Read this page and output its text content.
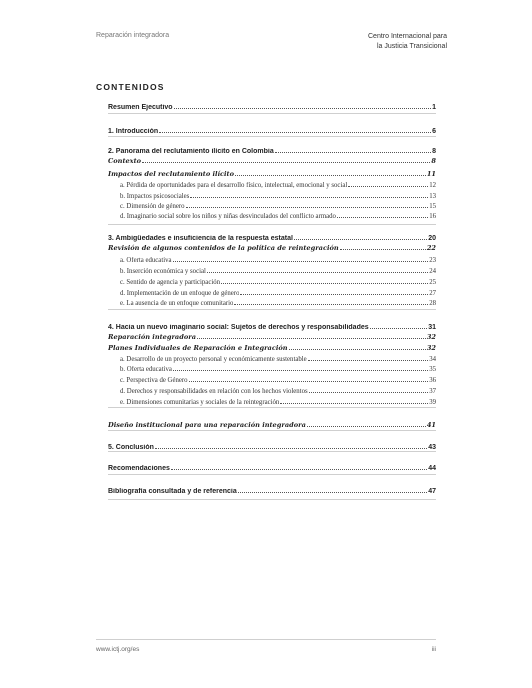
Reparación integradora	Centro Internacional para
la Justicia Transicional
CONTENIDOS
Resumen Ejecutivo	1
1. Introducción	6
2. Panorama del reclutamiento ilícito en Colombia	8
Contexto	8
Impactos del reclutamiento ilícito	11
a. Pérdida de oportunidades para el desarrollo físico, intelectual, emocional y social	12
b. Impactos psicosociales	13
c. Dimensión de género	15
d. Imaginario social sobre los niños y niñas desvinculados del conflicto armado	16
3. Ambigüedades e insuficiencia de la respuesta estatal	20
Revisión de algunos contenidos de la política de reintegración	22
a. Oferta educativa	23
b. Inserción económica y social	24
c. Sentido de agencia y participación	25
d. Implementación de un enfoque de género	27
e. La ausencia de un enfoque comunitario	28
4. Hacia un nuevo imaginario social: Sujetos de derechos y responsabilidades	31
Reparación integradora	32
Planes Individuales de Reparación e Integración	32
a. Desarrollo de un proyecto personal y económicamente sustentable	34
b. Oferta educativa	35
c. Perspectiva de Género	36
d. Derechos y responsabilidades en relación con los hechos violentos	37
e. Dimensiones comunitarias y sociales de la reintegración	39
Diseño institucional para una reparación integradora	41
5. Conclusión	43
Recomendaciones	44
Bibliografía consultada y de referencia	47
www.ictj.org/es	iii
